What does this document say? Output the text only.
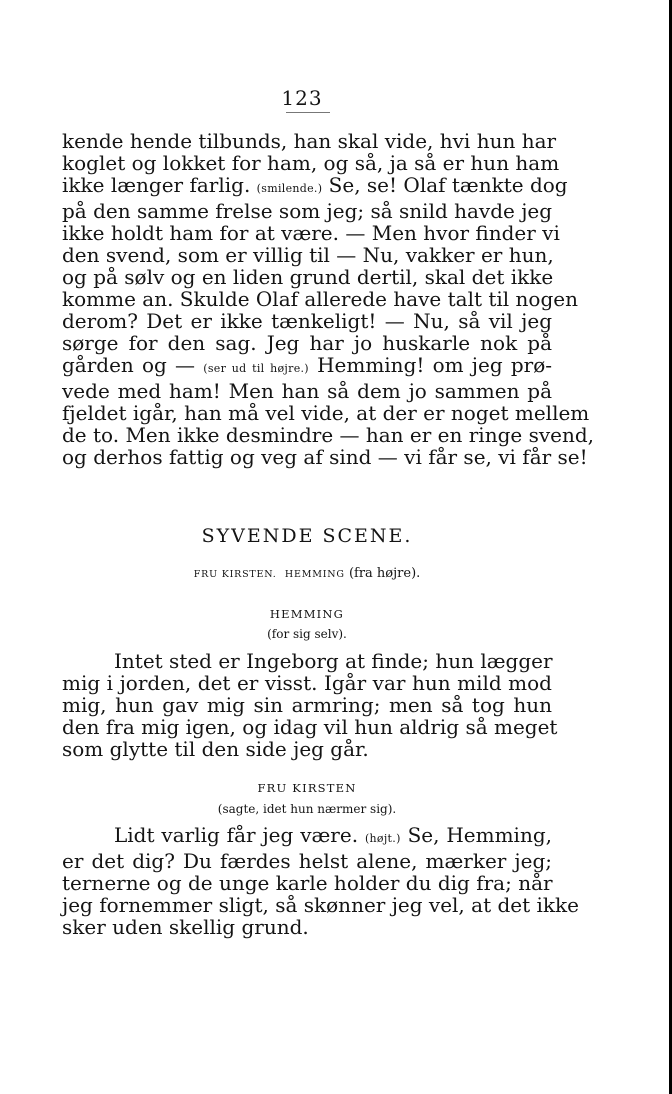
123
kende hende tilbunds, han skal vide, hvi hun har
koglet og lokket for ham, og så, ja så er hun ham
ikke længer farlig. (smilende.) Se, se! Olaf tænkte dog
på den samme frelse som jeg; så snild havde jeg
ikke holdt ham for at være. — Men hvor finder vi
den svend, som er villig til — Nu, vakker er hun,
og på sølv og en liden grund dertil, skal det ikke
komme an. Skulde Olaf allerede have talt til nogen
derom? Det er ikke tænkeligt! — Nu, så vil jeg
sørge for den sag. Jeg har jo huskarle nok på
gården og — (ser ud til højre.) Hemming! om jeg prø-
vede med ham! Men han så dem jo sammen på
fjeldet igår, han må vel vide, at der er noget mellem
de to. Men ikke desmindre — han er en ringe svend,
og derhos fattig og veg af sind — vi får se, vi får se!
SYVENDE SCENE.
FRU KIRSTEN. HEMMING (fra højre).
HEMMING
(for sig selv).
Intet sted er Ingeborg at finde; hun lægger
mig i jorden, det er visst. Igår var hun mild mod
mig, hun gav mig sin armring; men så tog hun
den fra mig igen, og idag vil hun aldrig så meget
som glytte til den side jeg går.
FRU KIRSTEN
(sagte, idet hun nærmer sig).
Lidt varlig får jeg være. (højt.) Se, Hemming,
er det dig? Du færdes helst alene, mærker jeg;
ternerne og de unge karle holder du dig fra; når
jeg fornemmer sligt, så skønner jeg vel, at det ikke
sker uden skellig grund.
